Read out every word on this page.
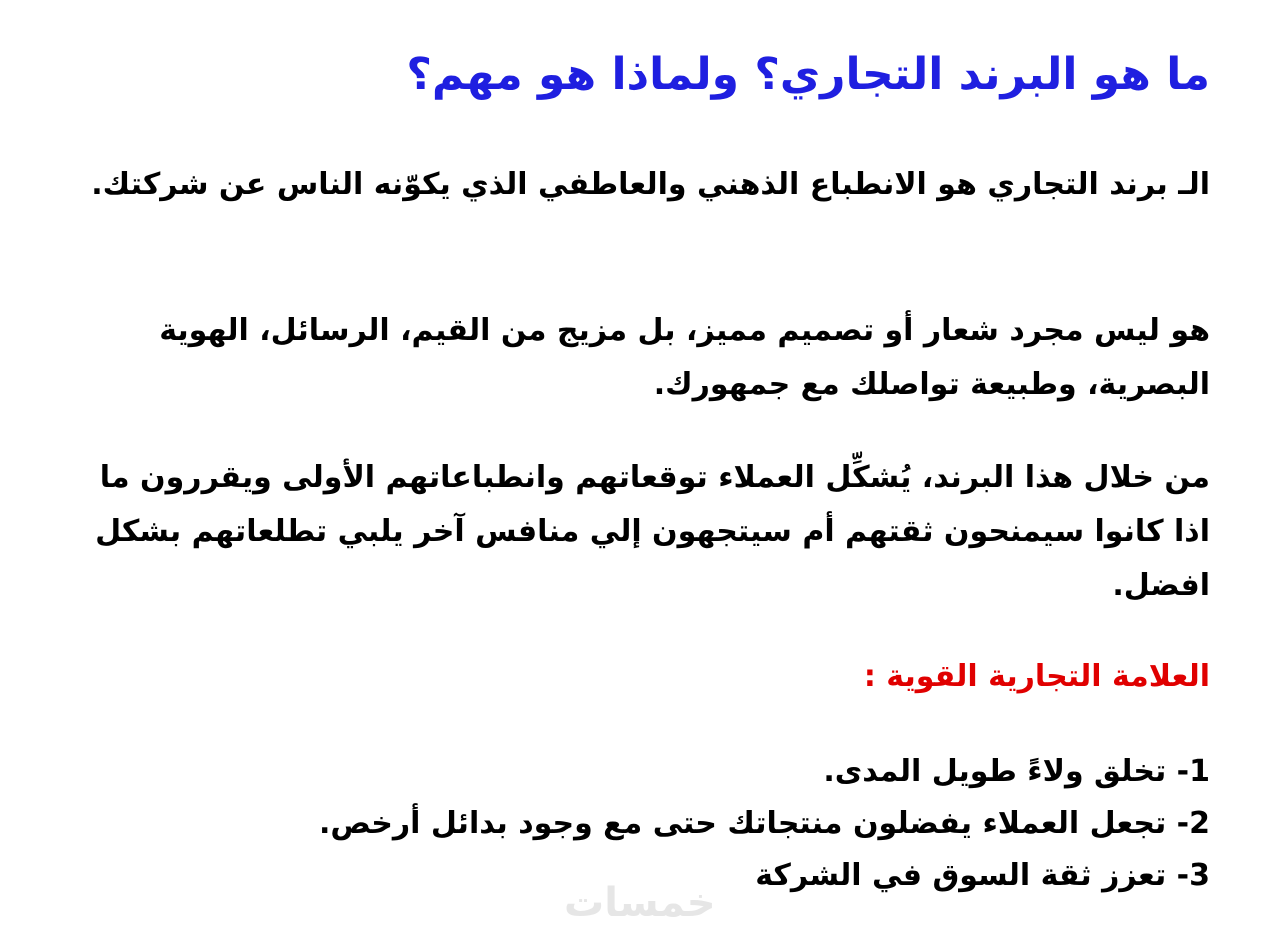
ما هو البرند التجاري؟ ولماذا هو مهم؟

الـ برند التجاري هو الانطباع الذهني والعاطفي الذي يكوّنه الناس عن شركتك.

هو ليس مجرد شعار أو تصميم مميز، بل مزيج من القيم، الرسائل، الهوية البصرية، وطبيعة تواصلك مع جمهورك.

من خلال هذا البرند، يُشكِّل العملاء توقعاتهم وانطباعاتهم الأولى ويقررون ما اذا كانوا سيمنحون ثقتهم أم سيتجهون إلي منافس آخر يلبي تطلعاتهم بشكل افضل.

العلامة التجارية القوية :

1- تخلق ولاءً طويل المدى.
2- تجعل العملاء يفضلون منتجاتك حتى مع وجود بدائل أرخص.
3- تعزز ثقة السوق في الشركة
خمسات
